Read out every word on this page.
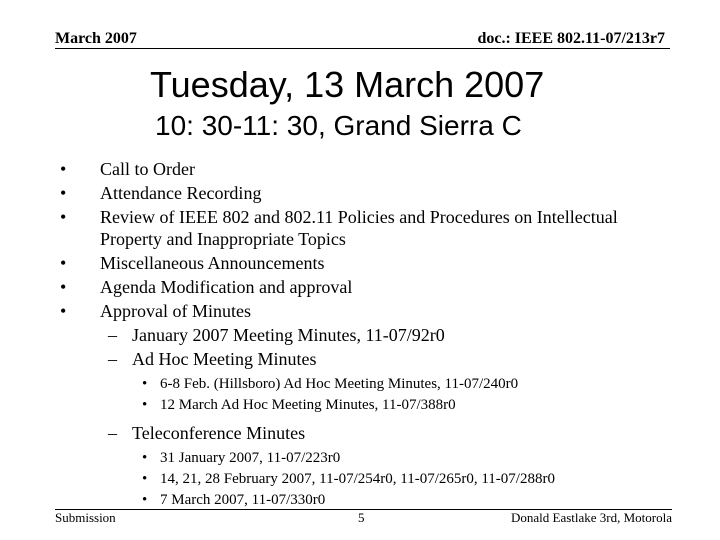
March 2007	doc.: IEEE 802.11-07/213r7
Tuesday, 13 March 2007
10: 30-11: 30, Grand Sierra C
• Call to Order
• Attendance Recording
• Review of IEEE 802 and 802.11 Policies and Procedures on Intellectual Property and Inappropriate Topics
• Miscellaneous Announcements
• Agenda Modification and approval
• Approval of Minutes
– January 2007 Meeting Minutes, 11-07/92r0
– Ad Hoc Meeting Minutes
• 6-8 Feb. (Hillsboro) Ad Hoc Meeting Minutes, 11-07/240r0
• 12 March Ad Hoc Meeting Minutes, 11-07/388r0
– Teleconference Minutes
• 31 January 2007, 11-07/223r0
• 14, 21, 28 February 2007, 11-07/254r0, 11-07/265r0, 11-07/288r0
• 7 March 2007, 11-07/330r0
Submission	5	Donald Eastlake 3rd, Motorola
